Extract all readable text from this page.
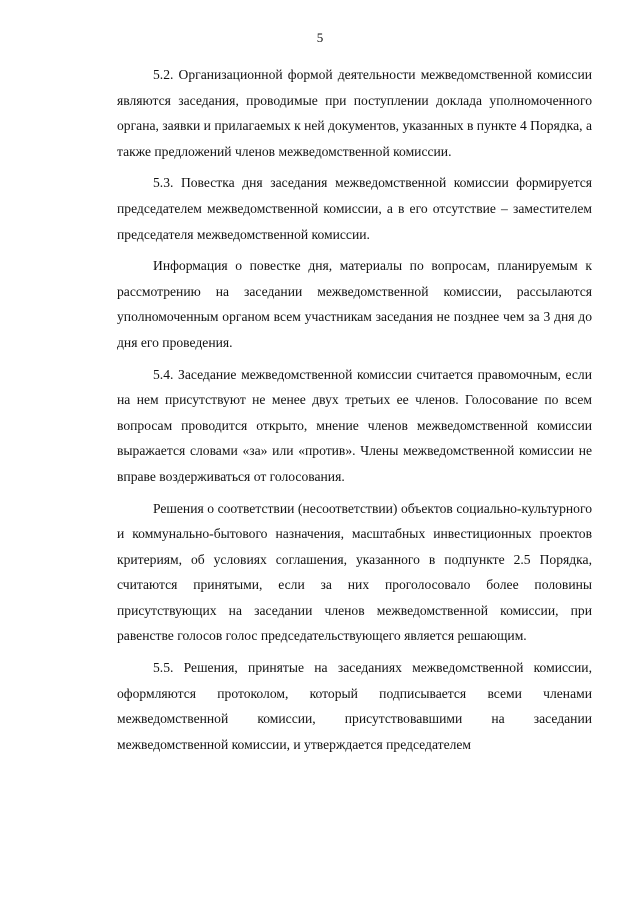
5

5.2. Организационной формой деятельности межведомственной комиссии являются заседания, проводимые при поступлении доклада уполномоченного органа, заявки и прилагаемых к ней документов, указанных в пункте 4 Порядка, а также предложений членов межведомственной комиссии.

5.3. Повестка дня заседания межведомственной комиссии формируется председателем межведомственной комиссии, а в его отсутствие – заместителем председателя межведомственной комиссии.

Информация о повестке дня, материалы по вопросам, планируемым к рассмотрению на заседании межведомственной комиссии, рассылаются уполномоченным органом всем участникам заседания не позднее чем за 3 дня до дня его проведения.

5.4. Заседание межведомственной комиссии считается правомочным, если на нем присутствуют не менее двух третьих ее членов. Голосование по всем вопросам проводится открыто, мнение членов межведомственной комиссии выражается словами «за» или «против». Члены межведомственной комиссии не вправе воздерживаться от голосования.

Решения о соответствии (несоответствии) объектов социально-культурного и коммунально-бытового назначения, масштабных инвестиционных проектов критериям, об условиях соглашения, указанного в подпункте 2.5 Порядка, считаются принятыми, если за них проголосовало более половины присутствующих на заседании членов межведомственной комиссии, при равенстве голосов голос председательствующего является решающим.

5.5. Решения, принятые на заседаниях межведомственной комиссии, оформляются протоколом, который подписывается всеми членами межведомственной комиссии, присутствовавшими на заседании межведомственной комиссии, и утверждается председателем
